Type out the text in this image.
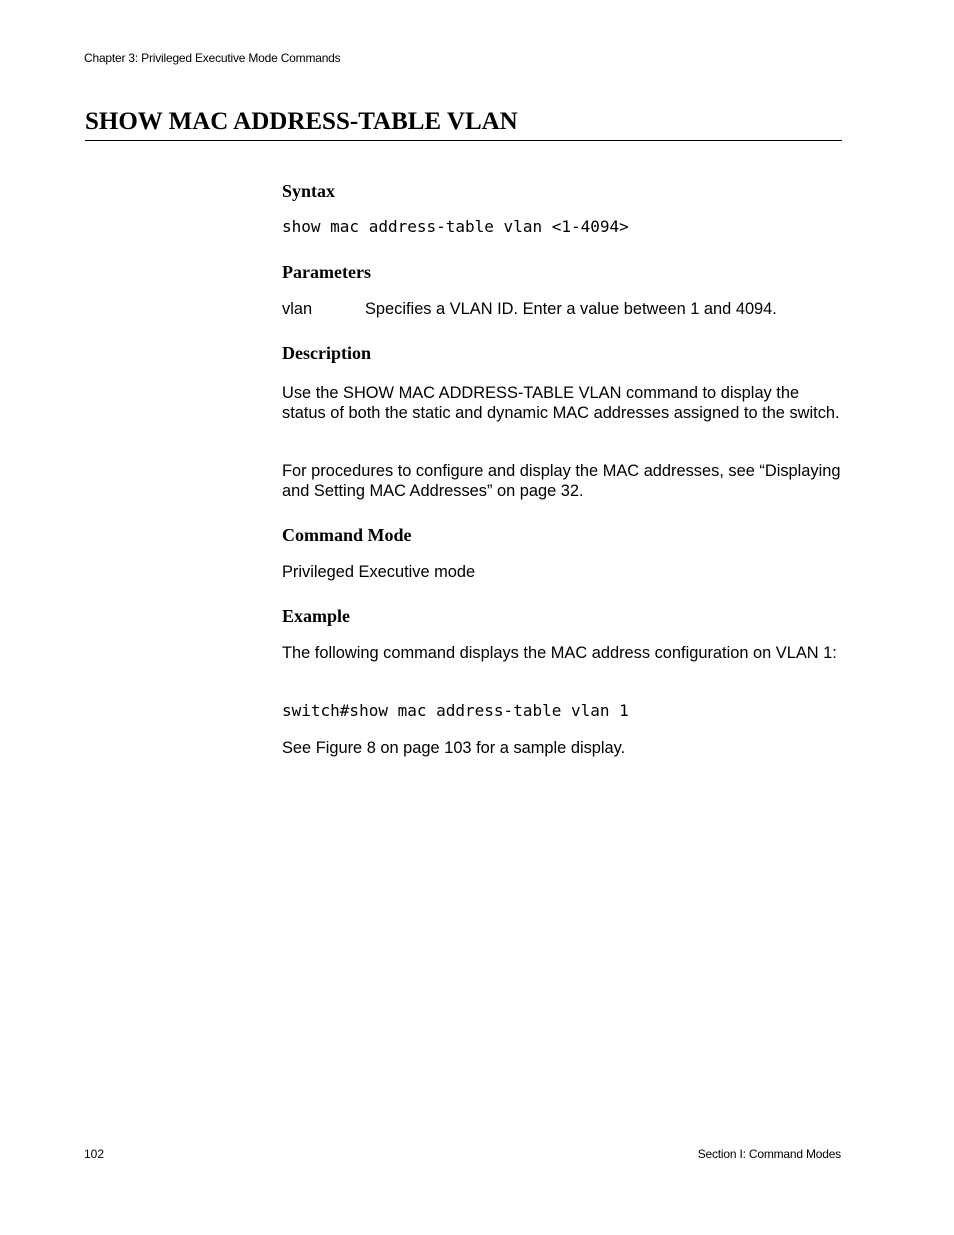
Chapter 3: Privileged Executive Mode Commands
SHOW MAC ADDRESS-TABLE VLAN
Syntax
show mac address-table vlan <1-4094>
Parameters
vlan	Specifies a VLAN ID. Enter a value between 1 and 4094.
Description

Use the SHOW MAC ADDRESS-TABLE VLAN command to display the status of both the static and dynamic MAC addresses assigned to the switch.

For procedures to configure and display the MAC addresses, see “Displaying and Setting MAC Addresses” on page 32.

Command Mode

Privileged Executive mode

Example

The following command displays the MAC address configuration on VLAN 1:

switch#show mac address-table vlan 1

See Figure 8 on page 103 for a sample display.

102	Section I: Command Modes
